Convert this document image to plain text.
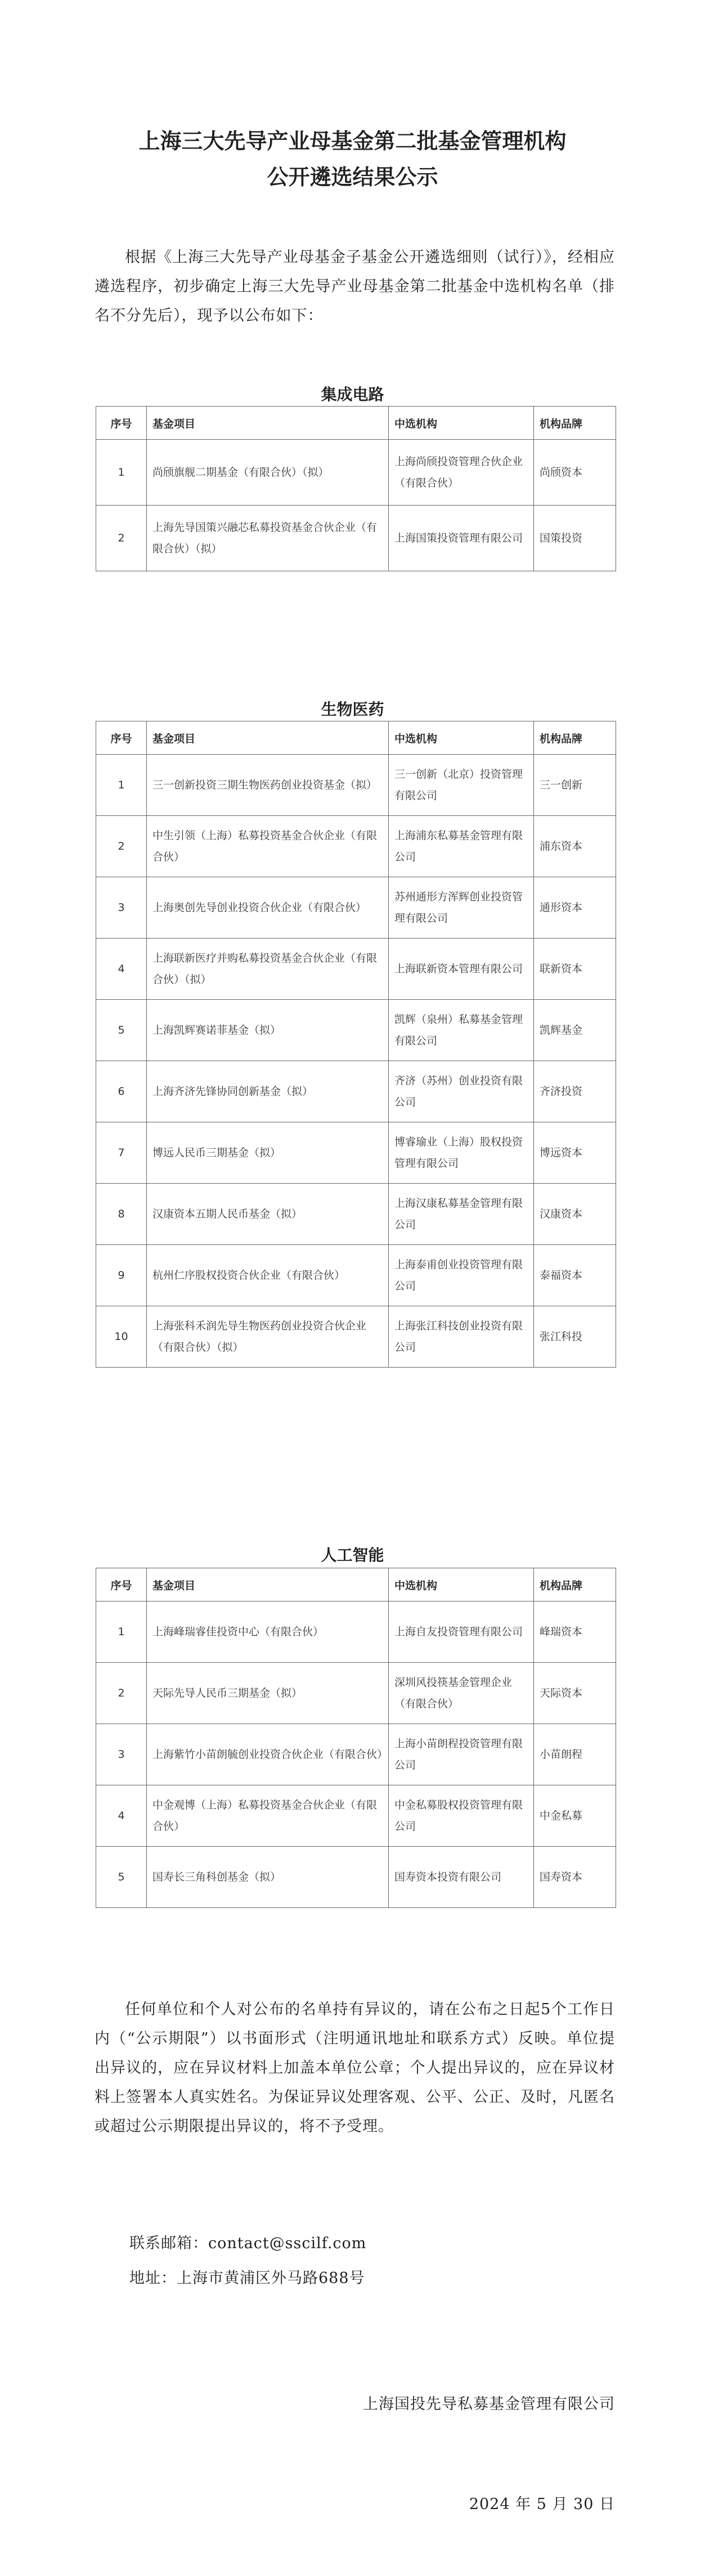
上海三大先导产业母基金第二批基金管理机构
公开遴选结果公示

根据《上海三大先导产业母基金子基金公开遴选细则（试行）》，经相应遴选程序，初步确定上海三大先导产业母基金第二批基金中选机构名单（排名不分先后），现予以公布如下：

集成电路
序号	基金项目	中选机构	机构品牌
1	尚颀旗舰二期基金（有限合伙）（拟）	上海尚颀投资管理合伙企业（有限合伙）	尚颀资本
2	上海先导国策兴融芯私募投资基金合伙企业（有限合伙）（拟）	上海国策投资管理有限公司	国策投资
生物医药
序号	基金项目	中选机构	机构品牌
1	三一创新投资三期生物医药创业投资基金（拟）	三一创新（北京）投资管理有限公司	三一创新
2	中生引领（上海）私募投资基金合伙企业（有限合伙）	上海浦东私募基金管理有限公司	浦东资本
3	上海奥创先导创业投资合伙企业（有限合伙）	苏州通形方浑辉创业投资管理有限公司	通形资本
4	上海联新医疗并购私募投资基金合伙企业（有限合伙）（拟）	上海联新资本管理有限公司	联新资本
5	上海凯辉赛诺菲基金（拟）	凯辉（泉州）私募基金管理有限公司	凯辉基金
6	上海齐济先锋协同创新基金（拟）	齐济（苏州）创业投资有限公司	齐济投资
7	博远人民币三期基金（拟）	博睿瑜业（上海）股权投资管理有限公司	博远资本
8	汉康资本五期人民币基金（拟）	上海汉康私募基金管理有限公司	汉康资本
9	杭州仁序股权投资合伙企业（有限合伙）	上海泰甫创业投资管理有限公司	泰福资本
10	上海张科禾润先导生物医药创业投资合伙企业（有限合伙）（拟）	上海张江科技创业投资有限公司	张江科投
人工智能
序号	基金项目	中选机构	机构品牌
1	上海峰瑞睿佳投资中心（有限合伙）	上海自友投资管理有限公司	峰瑞资本
2	天际先导人民币三期基金（拟）	深圳风投筷基金管理企业（有限合伙）	天际资本
3	上海紫竹小苗朗毓创业投资合伙企业（有限合伙）	上海小苗朗程投资管理有限公司	小苗朗程
4	中金观博（上海）私募投资基金合伙企业（有限合伙）	中金私募股权投资管理有限公司	中金私募
5	国寿长三角科创基金（拟）	国寿资本投资有限公司	国寿资本

任何单位和个人对公布的名单持有异议的，请在公布之日起5个工作日内（“公示期限”）以书面形式（注明通讯地址和联系方式）反映。单位提出异议的，应在异议材料上加盖本单位公章；个人提出异议的，应在异议材料上签署本人真实姓名。为保证异议处理客观、公平、公正、及时，凡匿名或超过公示期限提出异议的，将不予受理。

联系邮箱：contact@sscilf.com
地址：上海市黄浦区外马路688号
上海国投先导私募基金管理有限公司
2024 年 5 月 30 日
